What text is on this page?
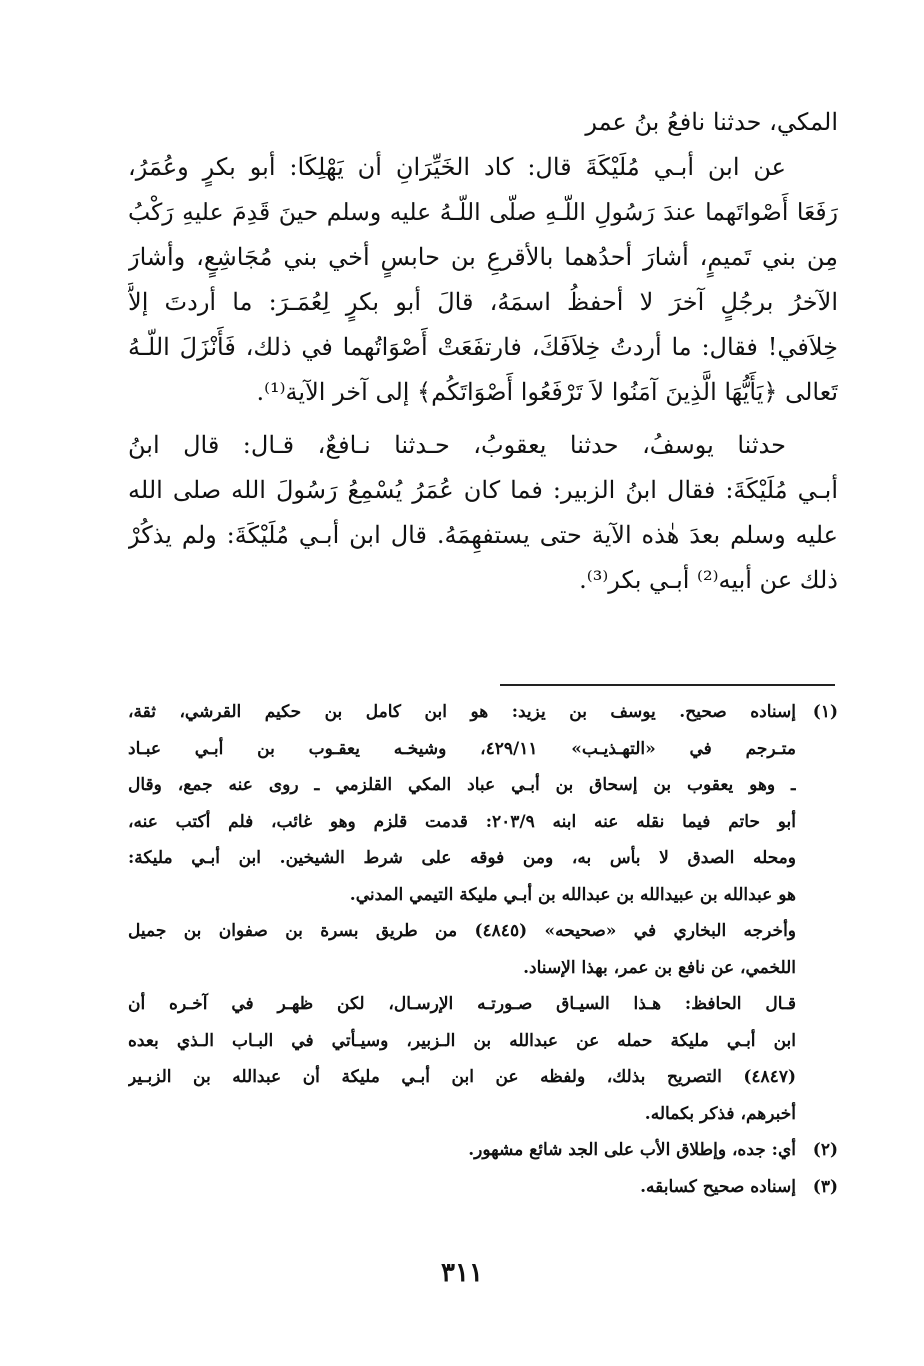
المكي، حدثنا نافعُ بنُ عمر
عن ابن أبـي مُلَيْكَةَ قال: كاد الخَيِّرَانِ أن يَهْلِكَا: أبو بكرٍ وعُمَرُ،
رَفَعَا أَصْواتَهما عندَ رَسُولِ اللّـهِ صلّى اللّـهُ عليه وسلم حينَ قَدِمَ عليهِ رَكْبُ
مِن بني تَميمٍ، أشارَ أحدُهما بالأقرعِ بن حابسٍ أخي بني مُجَاشِعٍ، وأشارَ
الآخرُ برجُلٍ آخرَ لا أحفظُ اسمَهُ، قالَ أبو بكرٍ لِعُمَـرَ: ما أردتَ إلاَّ
خِلاَفي! فقال: ما أردتُ خِلاَفَكَ، فارتفَعَتْ أَصْوَاتُهما في ذلك، فَأَنْزَلَ اللّـهُ
تَعالى ﴿يَأَيُّهَا الَّذِينَ آمَنُوا لاَ تَرْفَعُوا أَصْوَاتَكُم﴾ إلى آخر الآية⁽¹⁾.
حدثنا يوسفُ، حدثنا يعقوبُ، حـدثنا نـافعٌ، قـال: قال ابنُ
أبـي مُلَيْكَةَ: فقال ابنُ الزبير: فما كان عُمَرُ يُسْمِعُ رَسُولَ الله صلى الله
عليه وسلم بعدَ هٰذه الآية حتى يستفهِمَهُ. قال ابن أبـي مُلَيْكَةَ: ولم يذكُرْ
ذلك عن أبيه⁽²⁾ أبـي بكر⁽³⁾.
(١)
إسناده صحيح. يوسف بن يزيد: هو ابن كامل بن حكيم القرشي، ثقة،
متـرجم في «التهـذيـب» ٤٢٩/١١، وشيخـه يعقـوب بن أبـي عبـاد
ـ وهو يعقوب بن إسحاق بن أبـي عباد المكي القلزمي ـ روى عنه جمع، وقال
أبو حاتم فيما نقله عنه ابنه ٢٠٣/٩: قدمت قلزم وهو غائب، فلم أكتب عنه،
ومحله الصدق لا بأس به، ومن فوقه على شرط الشيخين. ابن أبـي مليكة:
هو عبدالله بن عبيدالله بن عبدالله بن أبـي مليكة التيمي المدني.
وأخرجه البخاري في «صحيحه» (٤٨٤٥) من طريق بسرة بن صفوان بن جميل
اللخمي، عن نافع بن عمر، بهذا الإسناد.
قـال الحافظ: هـذا السيـاق صـورتـه الإرسـال، لكن ظهـر في آخـره أن
ابن أبـي مليكة حمله عن عبدالله بن الـزبير، وسيـأتي في البـاب الـذي بعده
(٤٨٤٧) التصريح بذلك، ولفظه عن ابن أبـي مليكة أن عبدالله بن الزبـير
أخبرهم، فذكر بكماله.
(٢)
أي: جده، وإطلاق الأب على الجد شائع مشهور.
(٣)
إسناده صحيح كسابقه.
٣١١
